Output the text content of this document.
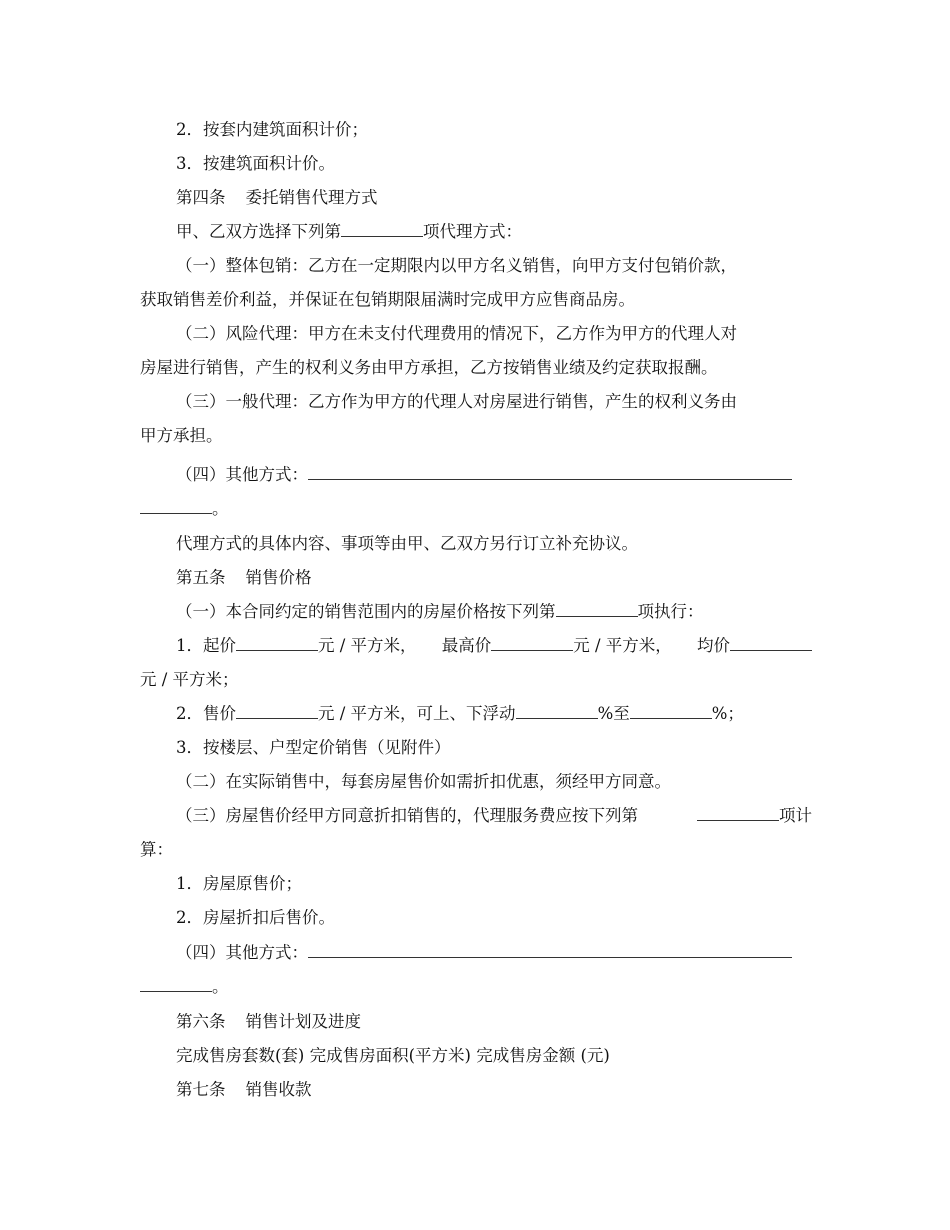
2．按套内建筑面积计价；
3．按建筑面积计价。
第四条 委托销售代理方式
甲、乙双方选择下列第	项代理方式：
（一）整体包销：乙方在一定期限内以甲方名义销售，向甲方支付包销价款，
获取销售差价利益，并保证在包销期限届满时完成甲方应售商品房。
（二）风险代理：甲方在未支付代理费用的情况下，乙方作为甲方的代理人对
房屋进行销售，产生的权利义务由甲方承担，乙方按销售业绩及约定获取报酬。
（三）一般代理：乙方作为甲方的代理人对房屋进行销售，产生的权利义务由
甲方承担。
（四）其他方式：
。
代理方式的具体内容、事项等由甲、乙双方另行订立补充协议。
第五条 销售价格
（一）本合同约定的销售范围内的房屋价格按下列第	项执行：
1．起价	元 / 平方米， 最高价	元 / 平方米， 均价
元 / 平方米；
2．售价	元 / 平方米，可上、下浮动	%至	%；
3．按楼层、户型定价销售（见附件）
（二）在实际销售中，每套房屋售价如需折扣优惠，须经甲方同意。
（三）房屋售价经甲方同意折扣销售的，代理服务费应按下列第	项计
算：
1．房屋原售价；
2．房屋折扣后售价。
（四）其他方式：
。
第六条 销售计划及进度
完成售房套数(套) 完成售房面积(平方米) 完成售房金额 (元)
第七条 销售收款
